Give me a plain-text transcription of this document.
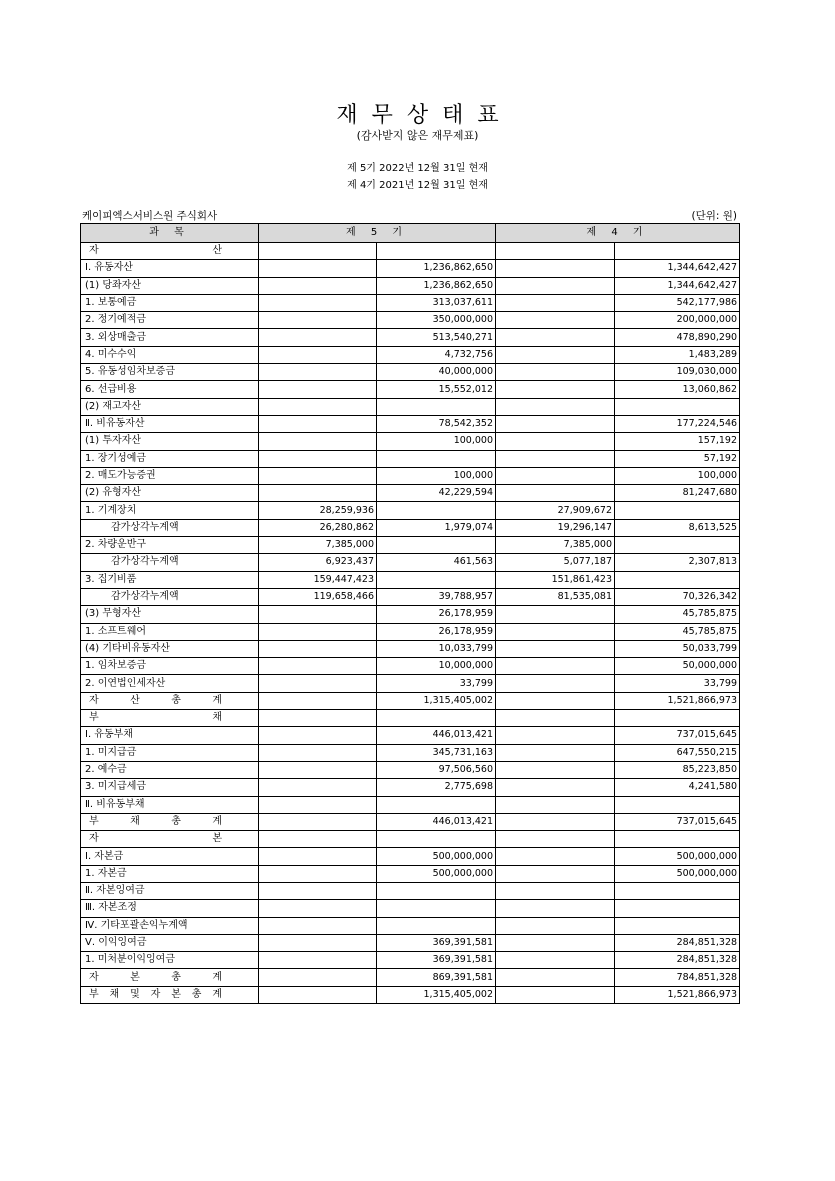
재무상태표
(감사받지 않은 재무제표)
제 5기 2022년 12월 31일 현재
제 4기 2021년 12월 31일 현재
케이피엑스서비스원 주식회사	(단위: 원)
과 목	제 5 기		제 4 기	
자 산				
Ⅰ. 유동자산		1,236,862,650		1,344,642,427
(1) 당좌자산		1,236,862,650		1,344,642,427
1. 보통예금		313,037,611		542,177,986
2. 정기예적금		350,000,000		200,000,000
3. 외상매출금		513,540,271		478,890,290
4. 미수수익		4,732,756		1,483,289
5. 유동성임차보증금		40,000,000		109,030,000
6. 선급비용		15,552,012		13,060,862
(2) 재고자산				
Ⅱ. 비유동자산		78,542,352		177,224,546
(1) 투자자산		100,000		157,192
1. 장기성예금				57,192
2. 매도가능증권		100,000		100,000
(2) 유형자산		42,229,594		81,247,680
1. 기계장치	28,259,936		27,909,672	
감가상각누계액	26,280,862	1,979,074	19,296,147	8,613,525
2. 차량운반구	7,385,000		7,385,000	
감가상각누계액	6,923,437	461,563	5,077,187	2,307,813
3. 집기비품	159,447,423		151,861,423	
감가상각누계액	119,658,466	39,788,957	81,535,081	70,326,342
(3) 무형자산		26,178,959		45,785,875
1. 소프트웨어		26,178,959		45,785,875
(4) 기타비유동자산		10,033,799		50,033,799
1. 임차보증금		10,000,000		50,000,000
2. 이연법인세자산		33,799		33,799
자 산 총 계		1,315,405,002		1,521,866,973
부 채				
Ⅰ. 유동부채		446,013,421		737,015,645
1. 미지급금		345,731,163		647,550,215
2. 예수금		97,506,560		85,223,850
3. 미지급세금		2,775,698		4,241,580
Ⅱ. 비유동부채				
부 채 총 계		446,013,421		737,015,645
자 본				
Ⅰ. 자본금		500,000,000		500,000,000
1. 자본금		500,000,000		500,000,000
Ⅱ. 자본잉여금				
Ⅲ. 자본조정				
Ⅳ. 기타포괄손익누계액				
Ⅴ. 이익잉여금		369,391,581		284,851,328
1. 미처분이익잉여금		369,391,581		284,851,328
자 본 총 계		869,391,581		784,851,328
부 채 및 자 본 총 계		1,315,405,002		1,521,866,973
